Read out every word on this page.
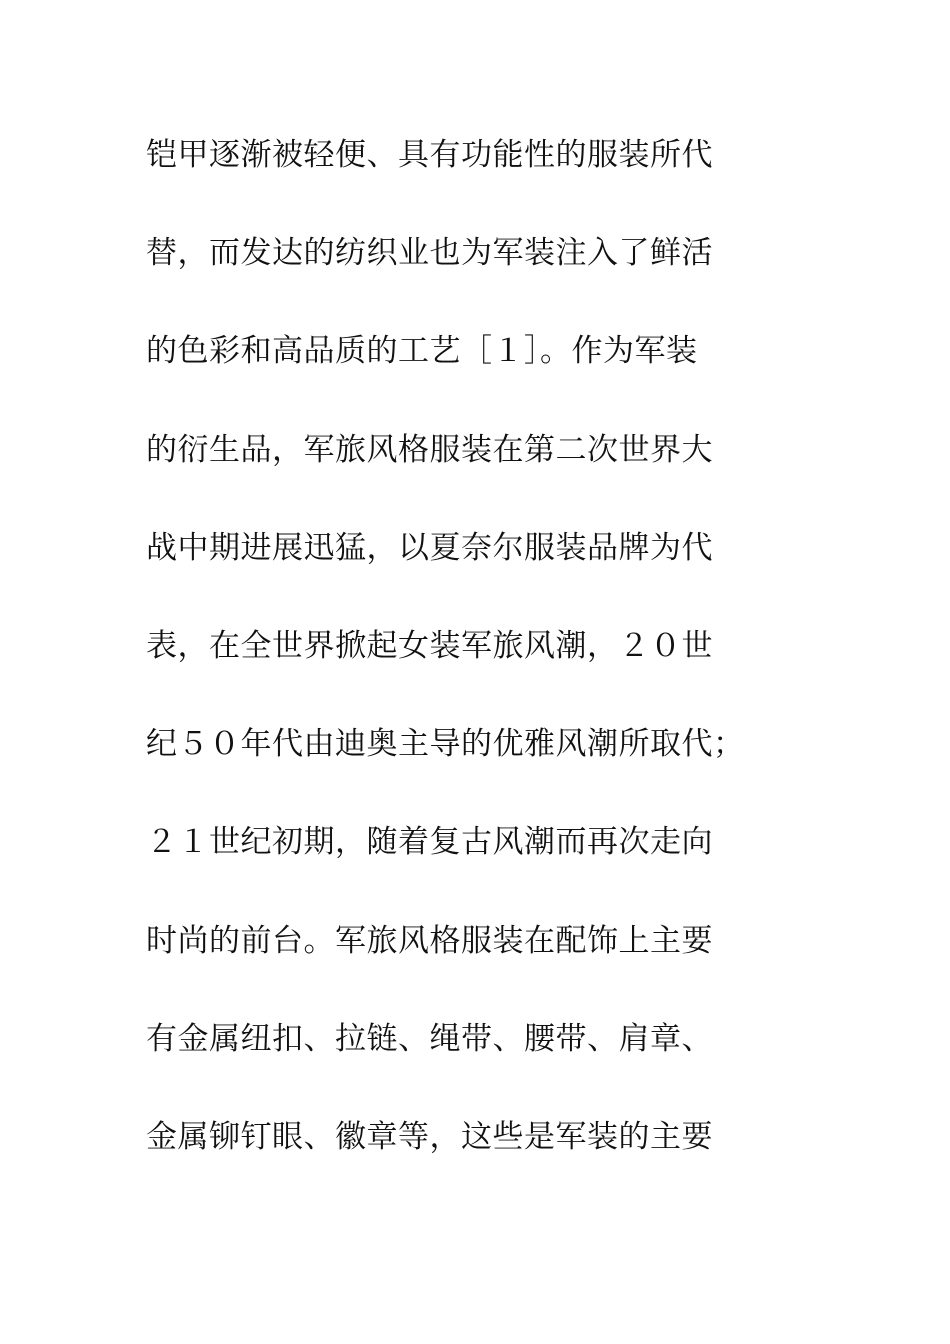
铠甲逐渐被轻便、具有功能性的服装所代
替，而发达的纺织业也为军装注入了鲜活
的色彩和高品质的工艺［１］。作为军装
的衍生品，军旅风格服装在第二次世界大
战中期进展迅猛，以夏奈尔服装品牌为代
表，在全世界掀起女装军旅风潮，２０世
纪５０年代由迪奥主导的优雅风潮所取代；
２１世纪初期，随着复古风潮而再次走向
时尚的前台。军旅风格服装在配饰上主要
有金属纽扣、拉链、绳带、腰带、肩章、
金属铆钉眼、徽章等，这些是军装的主要
